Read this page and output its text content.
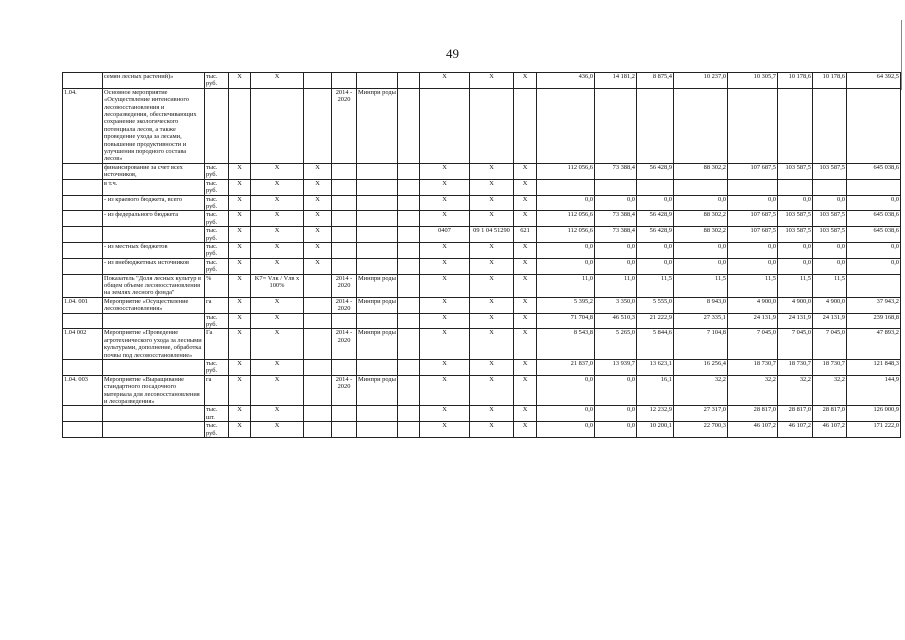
49
	семян лесных растений)»	тыс. руб.	X	X					X	X	X	436,0	14 181,2	8 875,4	10 237,0	10 305,7	10 178,6	10 178,6	64 392,5
1.04.	Основное мероприятие «Осуществление интенсивного лесовосстановления и лесоразведения, обеспечивающих сохранение экологического потенциала лесов, а также проведение ухода за лесами, повышение продуктивности и улучшения породного состава лесов»					2014 - 2020	Минпри роды												
	финансирование за счет всех источников,	тыс. руб.	X	X	X				X	X	X	112 056,6	73 388,4	56 428,9	88 302,2	107 687,5	103 587,5	103 587,5	645 038,6
	в т.ч.	тыс. руб.	X	X	X				X	X	X								
	- из краевого бюджета, всего	тыс. руб.	X	X	X				X	X	X	0,0	0,0	0,0	0,0	0,0	0,0	0,0	0,0
	- из федерального бюджета	тыс. руб.	X	X	X				X	X	X	112 056,6	73 388,4	56 428,9	88 302,2	107 687,5	103 587,5	103 587,5	645 038,6
		тыс. руб.	X	X	X				0407	09 1 04 51290	621	112 056,6	73 388,4	56 428,9	88 302,2	107 687,5	103 587,5	103 587,5	645 038,6
	- из местных бюджетов	тыс. руб.	X	X	X				X	X	X	0,0	0,0	0,0	0,0	0,0	0,0	0,0	0,0
	- из внебюджетных источников	тыс. руб.	X	X	X				X	X	X	0,0	0,0	0,0	0,0	0,0	0,0	0,0	0,0
	Показатель "Доля лесных культур в общем объеме лесовосстановления на землях лесного фонда"	%	X	K7= Vлк / Vлв x 100%		2014 - 2020	Минпри роды		X	X	X	11,0	11,0	11,5	11,5	11,5	11,5	11,5	
1.04. 001	Мероприятие «Осуществление лесовосстановления»	га	X	X		2014 - 2020	Минпри роды		X	X	X	5 395,2	3 350,0	5 555,0	8 943,0	4 900,0	4 900,0	4 900,0	37 943,2
		тыс. руб.	X	X					X	X	X	71 704,8	46 510,3	21 222,9	27 335,1	24 131,9	24 131,9	24 131,9	239 168,8
1.04 002	Мероприятие «Проведение агротехнического ухода за лесными культурами, дополнение, обработка почвы под лесовосстановление»	Га	X	X		2014 - 2020	Минпри роды		X	X	X	8 543,8	5 265,0	5 844,6	7 104,8	7 045,0	7 045,0	7 045,0	47 893,2
		тыс. руб.	X	X					X	X	X	21 837,0	13 939,7	13 623,1	16 256,4	18 730,7	18 730,7	18 730,7	121 848,3
1.04. 003	Мероприятие «Выращивание стандартного посадочного материала для лесовосстановления и лесоразведения»	га	X	X		2014 - 2020	Минпри роды		X	X	X	0,0	0,0	16,1	32,2	32,2	32,2	32,2	144,9
		тыс. шт.	X	X					X	X	X	0,0	0,0	12 232,9	27 317,0	28 817,0	28 817,0	28 817,0	126 000,9
		тыс. руб.	X	X					X	X	X	0,0	0,0	10 200,1	22 700,3	46 107,2	46 107,2	46 107,2	171 222,0
